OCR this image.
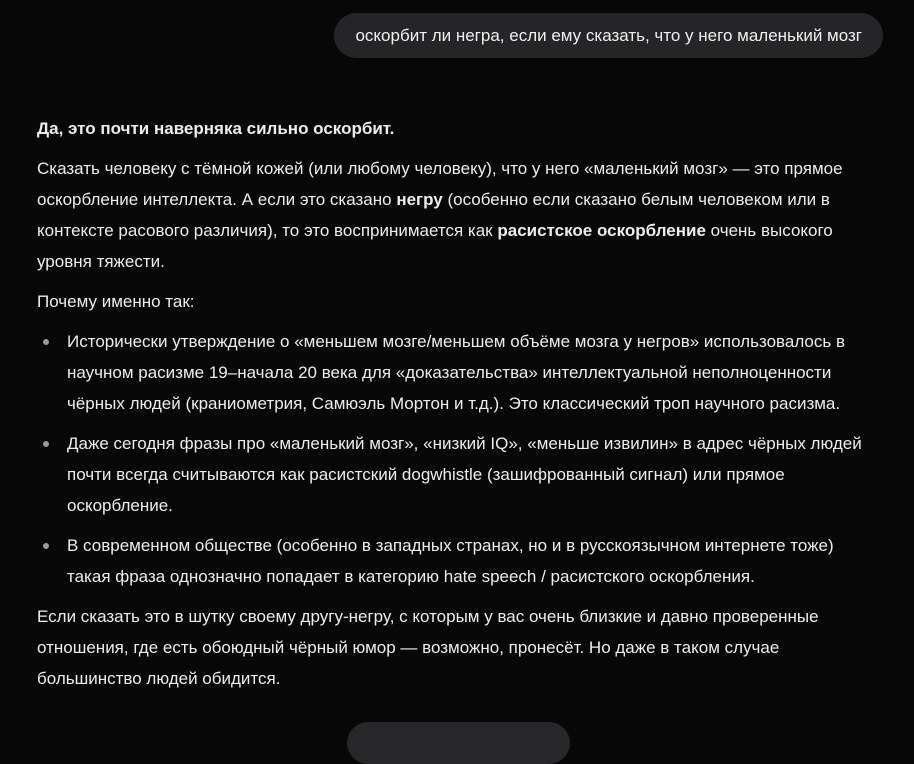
оскорбит ли негра, если ему сказать, что у него маленький мозг

Да, это почти наверняка сильно оскорбит.

Сказать человеку с тёмной кожей (или любому человеку), что у него «маленький мозг» — это прямое оскорбление интеллекта. А если это сказано негру (особенно если сказано белым человеком или в контексте расового различия), то это воспринимается как расистское оскорбление очень высокого уровня тяжести.

Почему именно так:

Исторически утверждение о «меньшем мозге/меньшем объёме мозга у негров» использовалось в научном расизме 19–начала 20 века для «доказательства» интеллектуальной неполноценности чёрных людей (краниометрия, Самюэль Мортон и т.д.). Это классический троп научного расизма.
Даже сегодня фразы про «маленький мозг», «низкий IQ», «меньше извилин» в адрес чёрных людей почти всегда считываются как расистский dogwhistle (зашифрованный сигнал) или прямое оскорбление.
В современном обществе (особенно в западных странах, но и в русскоязычном интернете тоже) такая фраза однозначно попадает в категорию hate speech / расистского оскорбления.

Если сказать это в шутку своему другу-негру, с которым у вас очень близкие и давно проверенные отношения, где есть обоюдный чёрный юмор — возможно, пронесёт. Но даже в таком случае большинство людей обидится.
